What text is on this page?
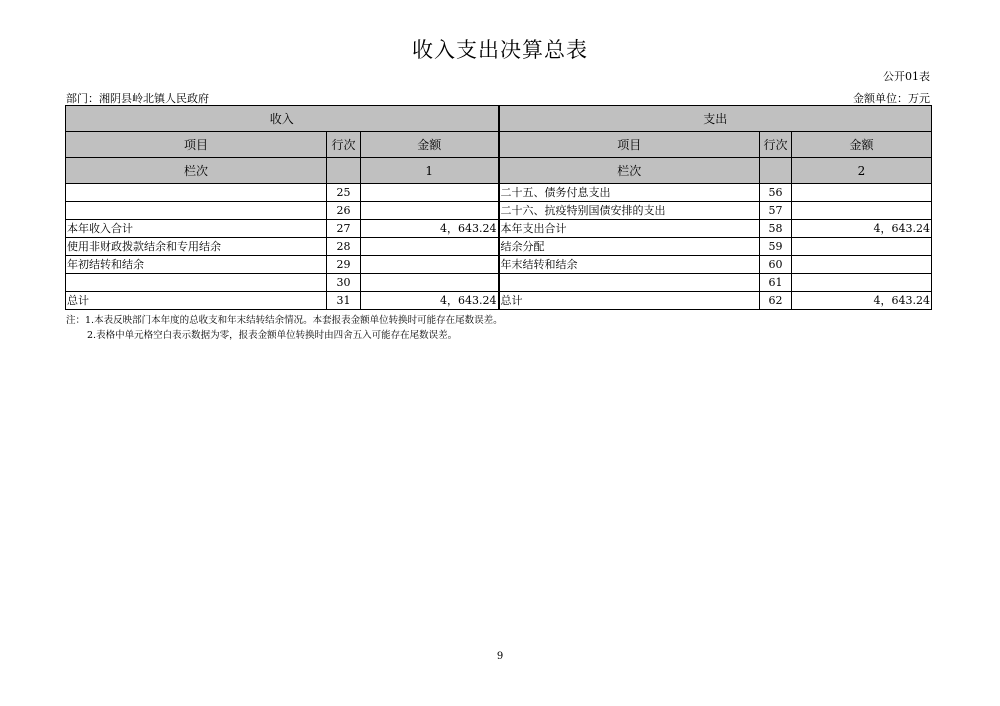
收入支出决算总表
公开01表
部门：湘阴县岭北镇人民政府	金额单位：万元
收入			支出		
项目	行次	金额	项目	行次	金额
栏次		1	栏次		2
	25		二十五、债务付息支出	56	
	26		二十六、抗疫特别国债安排的支出	57	
本年收入合计	27	4，643.24	本年支出合计	58	4，643.24
使用非财政拨款结余和专用结余	28		结余分配	59	
年初结转和结余	29		年末结转和结余	60	
	30			61	
总计	31	4，643.24	总计	62	4，643.24
注：1.本表反映部门本年度的总收支和年末结转结余情况。本套报表金额单位转换时可能存在尾数误差。
2.表格中单元格空白表示数据为零，报表金额单位转换时由四舍五入可能存在尾数误差。
9
